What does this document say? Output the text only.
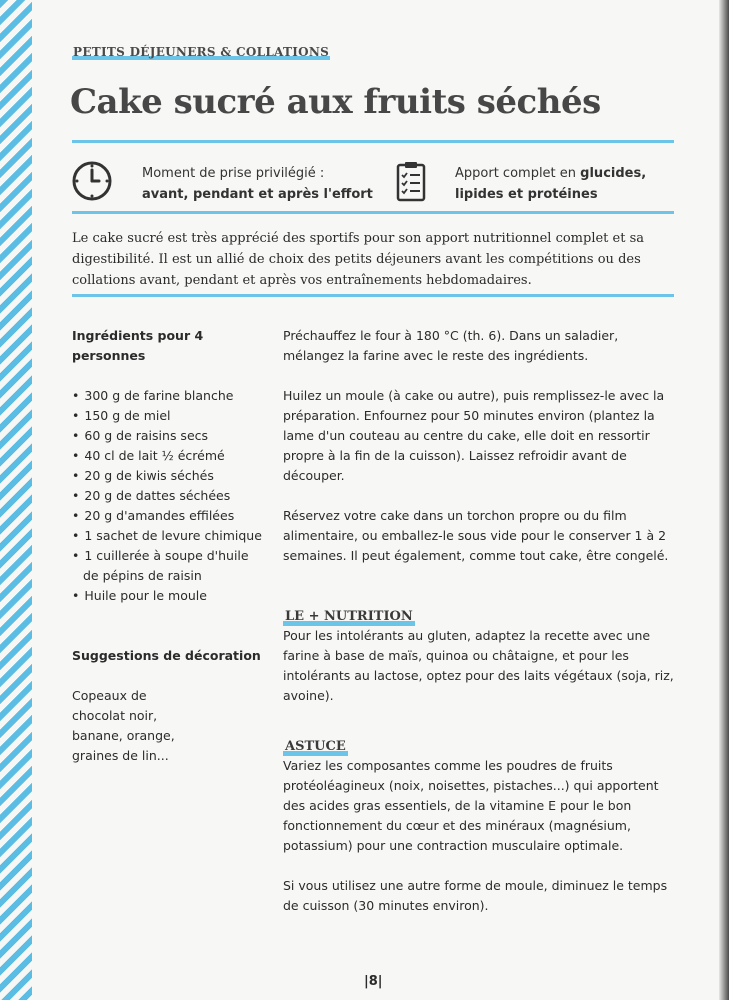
PETITS DÉJEUNERS & COLLATIONS
Cake sucré aux fruits séchés
Moment de prise privilégié :
avant, pendant et après l'effort
Apport complet en glucides,
lipides et protéines

Le cake sucré est très apprécié des sportifs pour son apport nutritionnel complet et sa digestibilité. Il est un allié de choix des petits déjeuners avant les compétitions ou des collations avant, pendant et après vos entraînements hebdomadaires.

Ingrédients pour 4 personnes

• 300 g de farine blanche
• 150 g de miel
• 60 g de raisins secs
• 40 cl de lait ½ écrémé
• 20 g de kiwis séchés
• 20 g de dattes séchées
• 20 g d'amandes effilées
• 1 sachet de levure chimique
• 1 cuillerée à soupe d'huile de pépins de raisin
• Huile pour le moule

Suggestions de décoration

Copeaux de chocolat noir, banane, orange, graines de lin...

Préchauffez le four à 180 °C (th. 6). Dans un saladier, mélangez la farine avec le reste des ingrédients.

Huilez un moule (à cake ou autre), puis remplissez-le avec la préparation. Enfournez pour 50 minutes environ (plantez la lame d'un couteau au centre du cake, elle doit en ressortir propre à la fin de la cuisson). Laissez refroidir avant de découper.

Réservez votre cake dans un torchon propre ou du film alimentaire, ou emballez-le sous vide pour le conserver 1 à 2 semaines. Il peut également, comme tout cake, être congelé.

LE + NUTRITION

Pour les intolérants au gluten, adaptez la recette avec une farine à base de maïs, quinoa ou châtaigne, et pour les intolérants au lactose, optez pour des laits végétaux (soja, riz, avoine).

ASTUCE

Variez les composantes comme les poudres de fruits protéoléagineux (noix, noisettes, pistaches...) qui apportent des acides gras essentiels, de la vitamine E pour le bon fonctionnement du cœur et des minéraux (magnésium, potassium) pour une contraction musculaire optimale.

Si vous utilisez une autre forme de moule, diminuez le temps de cuisson (30 minutes environ).

|8|
